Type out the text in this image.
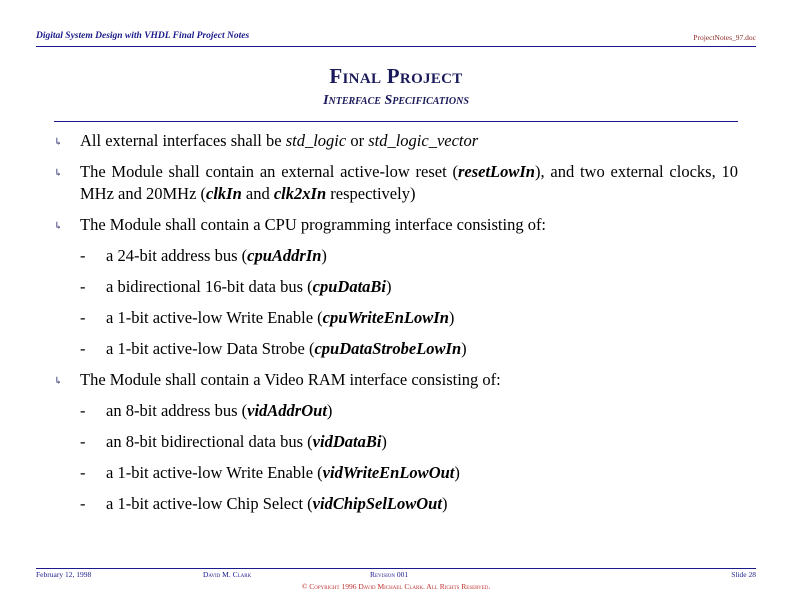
Digital System Design with VHDL Final Project Notes	ProjectNotes_97.doc
Final Project
Interface Specifications
↳ All external interfaces shall be std_logic or std_logic_vector
↳ The Module shall contain an external active-low reset (resetLowIn), and two external clocks, 10 MHz and 20MHz (clkIn and clk2xIn respectively)
↳ The Module shall contain a CPU programming interface consisting of:
- a 24-bit address bus (cpuAddrIn)
- a bidirectional 16-bit data bus (cpuDataBi)
- a 1-bit active-low Write Enable (cpuWriteEnLowIn)
- a 1-bit active-low Data Strobe (cpuDataStrobeLowIn)
↳ The Module shall contain a Video RAM interface consisting of:
- an 8-bit address bus (vidAddrOut)
- an 8-bit bidirectional data bus (vidDataBi)
- a 1-bit active-low Write Enable (vidWriteEnLowOut)
- a 1-bit active-low Chip Select (vidChipSelLowOut)
February 12, 1998	David M. Clark	Revision 001	Slide 28
© Copyright 1996 David Michael Clark. All Rights Reserved.
